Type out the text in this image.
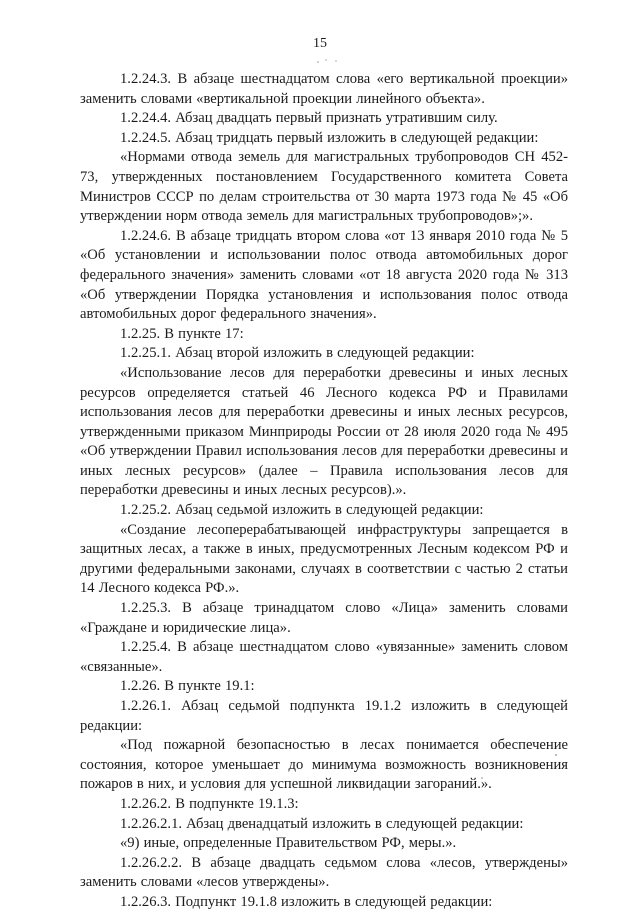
15

1.2.24.3. В абзаце шестнадцатом слова «его вертикальной проекции» заменить словами «вертикальной проекции линейного объекта».

1.2.24.4. Абзац двадцать первый признать утратившим силу.

1.2.24.5. Абзац тридцать первый изложить в следующей редакции:

«Нормами отвода земель для магистральных трубопроводов СН 452-73, утвержденных постановлением Государственного комитета Совета Министров СССР по делам строительства от 30 марта 1973 года № 45 «Об утверждении норм отвода земель для магистральных трубопроводов»;».

1.2.24.6. В абзаце тридцать втором слова «от 13 января 2010 года № 5 «Об установлении и использовании полос отвода автомобильных дорог федерального значения» заменить словами «от 18 августа 2020 года № 313 «Об утверждении Порядка установления и использования полос отвода автомобильных дорог федерального значения».

1.2.25. В пункте 17:

1.2.25.1. Абзац второй изложить в следующей редакции:

«Использование лесов для переработки древесины и иных лесных ресурсов определяется статьей 46 Лесного кодекса РФ и Правилами использования лесов для переработки древесины и иных лесных ресурсов, утвержденными приказом Минприроды России от 28 июля 2020 года № 495 «Об утверждении Правил использования лесов для переработки древесины и иных лесных ресурсов» (далее – Правила использования лесов для переработки древесины и иных лесных ресурсов).».

1.2.25.2. Абзац седьмой изложить в следующей редакции:

«Создание лесоперерабатывающей инфраструктуры запрещается в защитных лесах, а также в иных, предусмотренных Лесным кодексом РФ и другими федеральными законами, случаях в соответствии с частью 2 статьи 14 Лесного кодекса РФ.».

1.2.25.3. В абзаце тринадцатом слово «Лица» заменить словами «Граждане и юридические лица».

1.2.25.4. В абзаце шестнадцатом слово «увязанные» заменить словом «связанные».

1.2.26. В пункте 19.1:

1.2.26.1. Абзац седьмой подпункта 19.1.2 изложить в следующей редакции:

«Под пожарной безопасностью в лесах понимается обеспечение состояния, которое уменьшает до минимума возможность возникновения пожаров в них, и условия для успешной ликвидации загораний.».

1.2.26.2. В подпункте 19.1.3:

1.2.26.2.1. Абзац двенадцатый изложить в следующей редакции:

«9) иные, определенные Правительством РФ, меры.».

1.2.26.2.2. В абзаце двадцать седьмом слова «лесов, утверждены» заменить словами «лесов утверждены».

1.2.26.3. Подпункт 19.1.8 изложить в следующей редакции:
